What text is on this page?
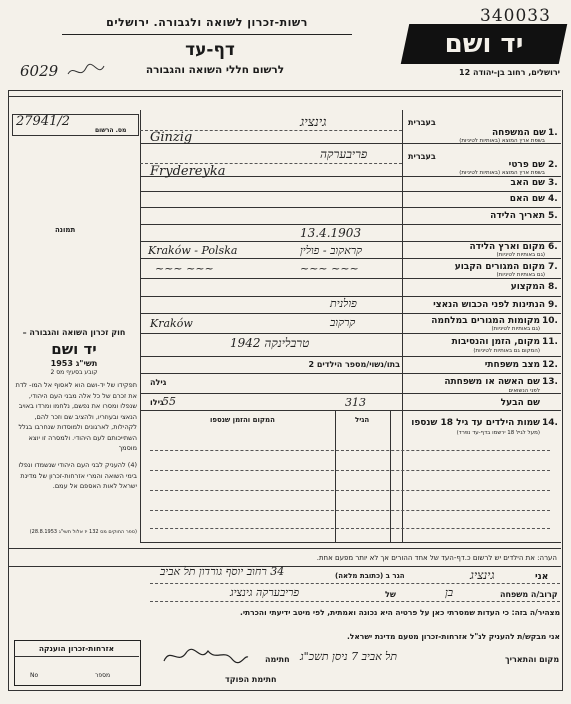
רשות-זכרון לשואה ולגבורה. ירושלים
דף-עד
לרשום חללי השואה והגבורה
6029
יד ושם
340033
ירושלים, רחוב בן-יהודה 12
27941/2
מס. הרשום
תמונה
חוק זכרון השואה והגבורה –
יד ושם
תשי"ג 1953
קובע בסעיף מס 2
תפקידו של יד-ושם הוא לאסוף אל המו- לדת את זכרם של כל אלה מבני העם היהודי, שנפלו ומסרו את נפשם, נלחמו ומרדו באויב הנאצי ובעוזריו, ולהציב שם וזכר להם, לקהילות, לארגונים ולמוסדות שנחרבו בגלל השתייכותם לעם היהודי. ולמסרה זו יוצא מוסמך
(4) להעניק לבני העם היהודי שנשמדו ונפלו בימי השואה והמרי אזרחות-זכרון של מדינת ישראל לאות האספם אל עמם.
(ספר החוקים מס 132 יז אלול תשי"ג 28.8.1953)
בעברית
בעברית
1.
שם המשפחה
בשפת ארץ המוצא (באותיות לטיניות)
גינציג
Ginzig
2.
שם פרטי
בשפת ארץ המוצא (באותיות לטיניות)
פריבערקה
Frydereyka
3.
שם האב
4.
שם האם
5.
תאריך הלידה
13.4.1903
6.
מקום וארץ הלידה
(גם באותיות לטיניות)
Kraków - Polska	קראקוב - פולין
7.
מקום המגורים הקבוע
(גם באותיות לטיניות)
~~~ ~~~	~~~ ~~~
8.
המקצוע
9.
הנתינות לפני הכבוש הנאצי
פולנית
10.
מקומות המגורים במלחמה
(גם באותיות לטיניות)
Kraków	קרקוב
11.
מקום, הזמן והנסיבות
(המקום גם באותיות לטיניות)
1942 טרבלינקה
12.
מצב משפחתי
בתו/נשוי/מספר הילדים 2
13.
שם האשה או משפחתה
לפני הנשואים
גילה
שם הבעל
313
גילו
55
14.
שמות הילדים עד גיל 18 שנספו
(מעל לגיל 18 ירשמו בדף-עד נפרד)
הגיל
המקום והזמן שנספו
הערה: את הילדים יש לרשום כ.דף-העד של אחד ההורים אך לא יותר מפעם אחת.
אני
גינציג
הגר ב (כתובת מלאה)
34 רחוב יוסף גורדון תל אביב
קרוב/ה משפחה
בן
של
פריבערקה גינציג
מצהיר/ה בזה: כי העדות שמסרתי כאן על פרטיה היא נכונה ואמתית, לפי מיטב ידיעתי והכרתי.
אני מבקש/ת להעניק לנ"ל אזרחות-זכרון מטעם מדינת ישראל.
מקום והתאריך
תל אביב 7 ניסן תשכ"ג
חתימה
חתימת הפוקד
אזרחות-זכרון הוענקה
No	מספר
